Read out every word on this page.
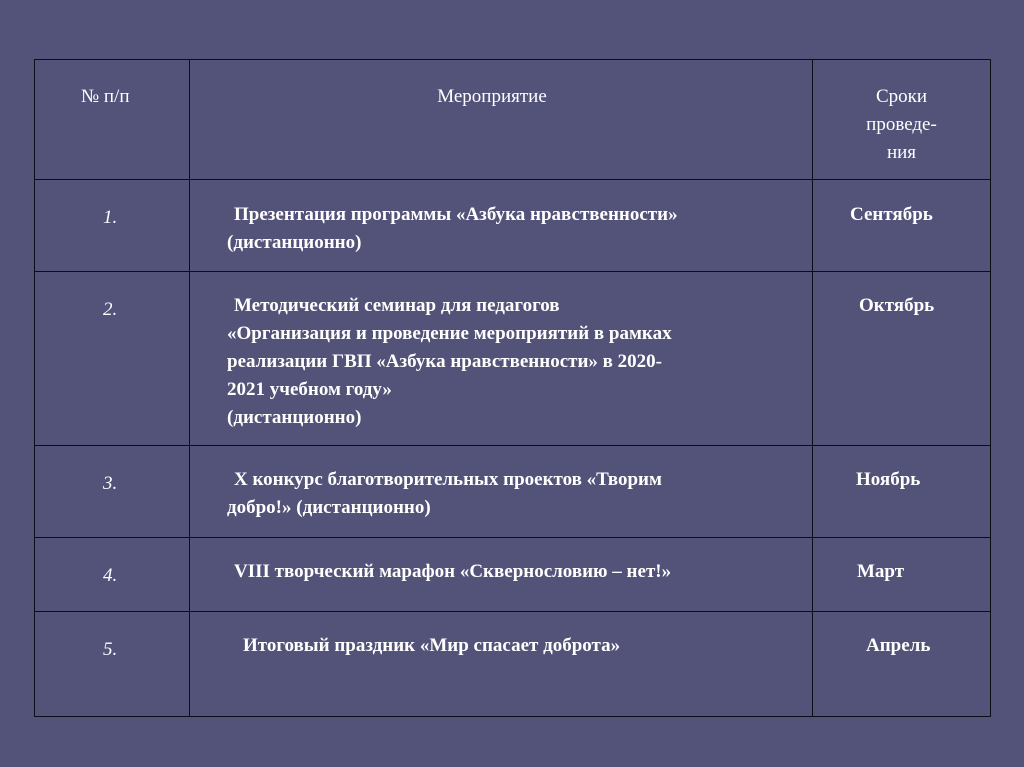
№ п/п	Мероприятие	Сроки
проведе-
ния

1.	Презентация программы «Азбука нравственности»
(дистанционно)	Сентябрь
2.	Методический семинар для педагогов
«Организация и проведение мероприятий в рамках
реализации ГВП «Азбука нравственности» в 2020-
2021 учебном году»
(дистанционно)	Октябрь
3.	X конкурс благотворительных проектов «Творим
добро!» (дистанционно)	Ноябрь
4.	VIII творческий марафон «Сквернословию – нет!»	Март
5.	Итоговый праздник «Мир спасает доброта»	Апрель
